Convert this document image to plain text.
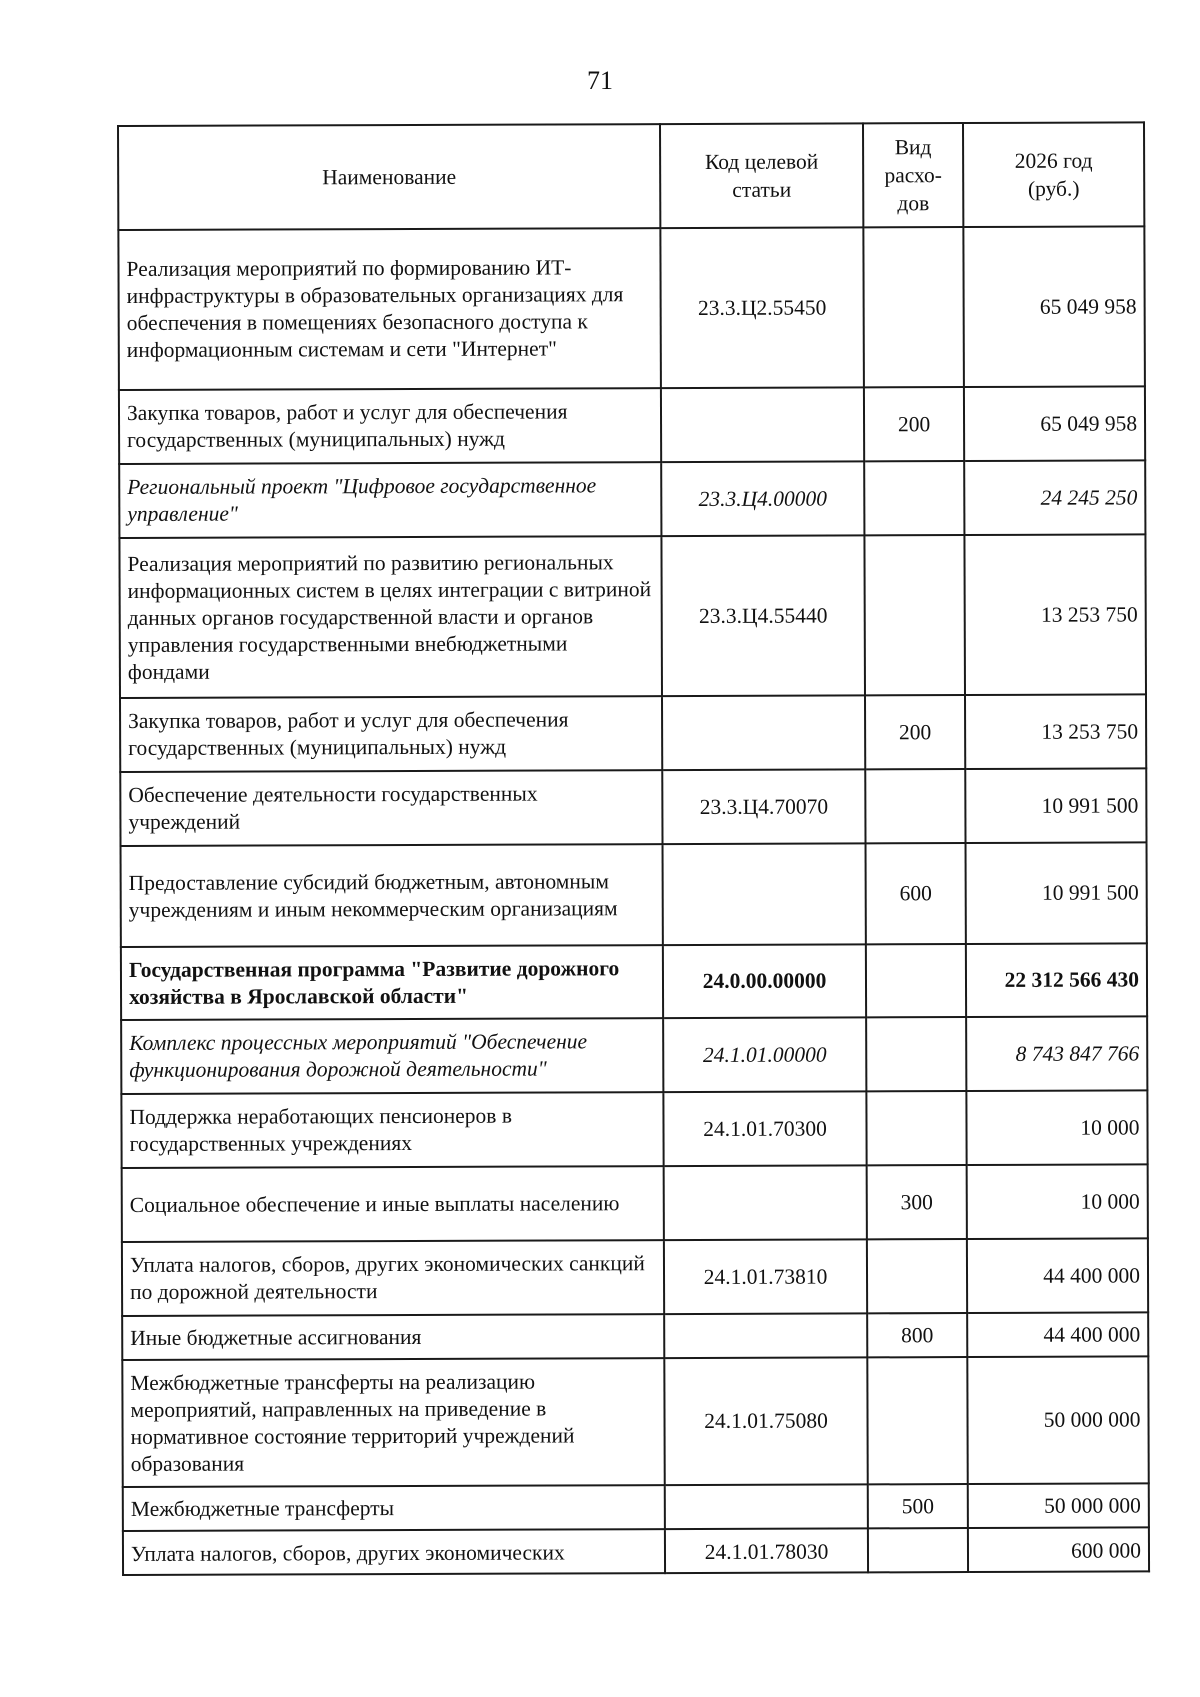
71
Наименование	Код целевой статьи	Вид расхо-дов	2026 год (руб.)
Реализация мероприятий по формированию ИТ-инфраструктуры в образовательных организациях для обеспечения в помещениях безопасного доступа к информационным системам и сети "Интернет"	23.3.Ц2.55450		65 049 958
Закупка товаров, работ и услуг для обеспечения государственных (муниципальных) нужд		200	65 049 958
Региональный проект "Цифровое государственное управление"	23.3.Ц4.00000		24 245 250
Реализация мероприятий по развитию региональных информационных систем в целях интеграции с витриной данных органов государственной власти и органов управления государственными внебюджетными фондами	23.3.Ц4.55440		13 253 750
Закупка товаров, работ и услуг для обеспечения государственных (муниципальных) нужд		200	13 253 750
Обеспечение деятельности государственных учреждений	23.3.Ц4.70070		10 991 500
Предоставление субсидий бюджетным, автономным учреждениям и иным некоммерческим организациям		600	10 991 500
Государственная программа "Развитие дорожного хозяйства в Ярославской области"	24.0.00.00000		22 312 566 430
Комплекс процессных мероприятий "Обеспечение функционирования дорожной деятельности"	24.1.01.00000		8 743 847 766
Поддержка неработающих пенсионеров в государственных учреждениях	24.1.01.70300		10 000
Социальное обеспечение и иные выплаты населению		300	10 000
Уплата налогов, сборов, других экономических санкций по дорожной деятельности	24.1.01.73810		44 400 000
Иные бюджетные ассигнования		800	44 400 000
Межбюджетные трансферты на реализацию мероприятий, направленных на приведение в нормативное состояние территорий учреждений образования	24.1.01.75080		50 000 000
Межбюджетные трансферты		500	50 000 000
Уплата налогов, сборов, других экономических	24.1.01.78030		600 000
